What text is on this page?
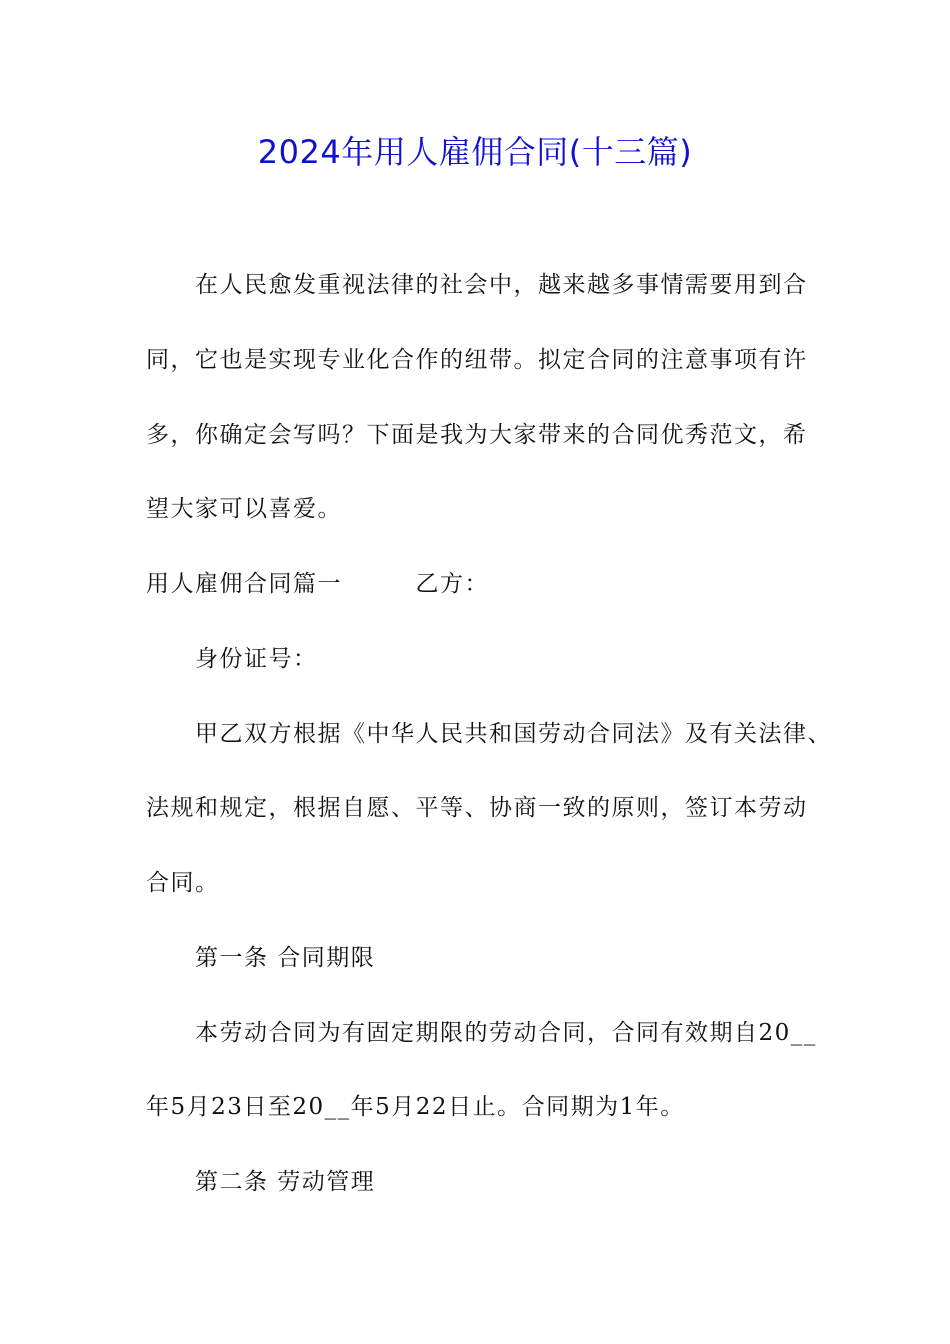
2024年用人雇佣合同(十三篇)
在人民愈发重视法律的社会中，越来越多事情需要用到合
同，它也是实现专业化合作的纽带。拟定合同的注意事项有许
多，你确定会写吗？下面是我为大家带来的合同优秀范文，希
望大家可以喜爱。
用人雇佣合同篇一　　　乙方：
身份证号：
甲乙双方根据《中华人民共和国劳动合同法》及有关法律、
法规和规定，根据自愿、平等、协商一致的原则，签订本劳动
合同。
第一条 合同期限
本劳动合同为有固定期限的劳动合同，合同有效期自20__
年5月23日至20__年5月22日止。合同期为1年。
第二条 劳动管理
